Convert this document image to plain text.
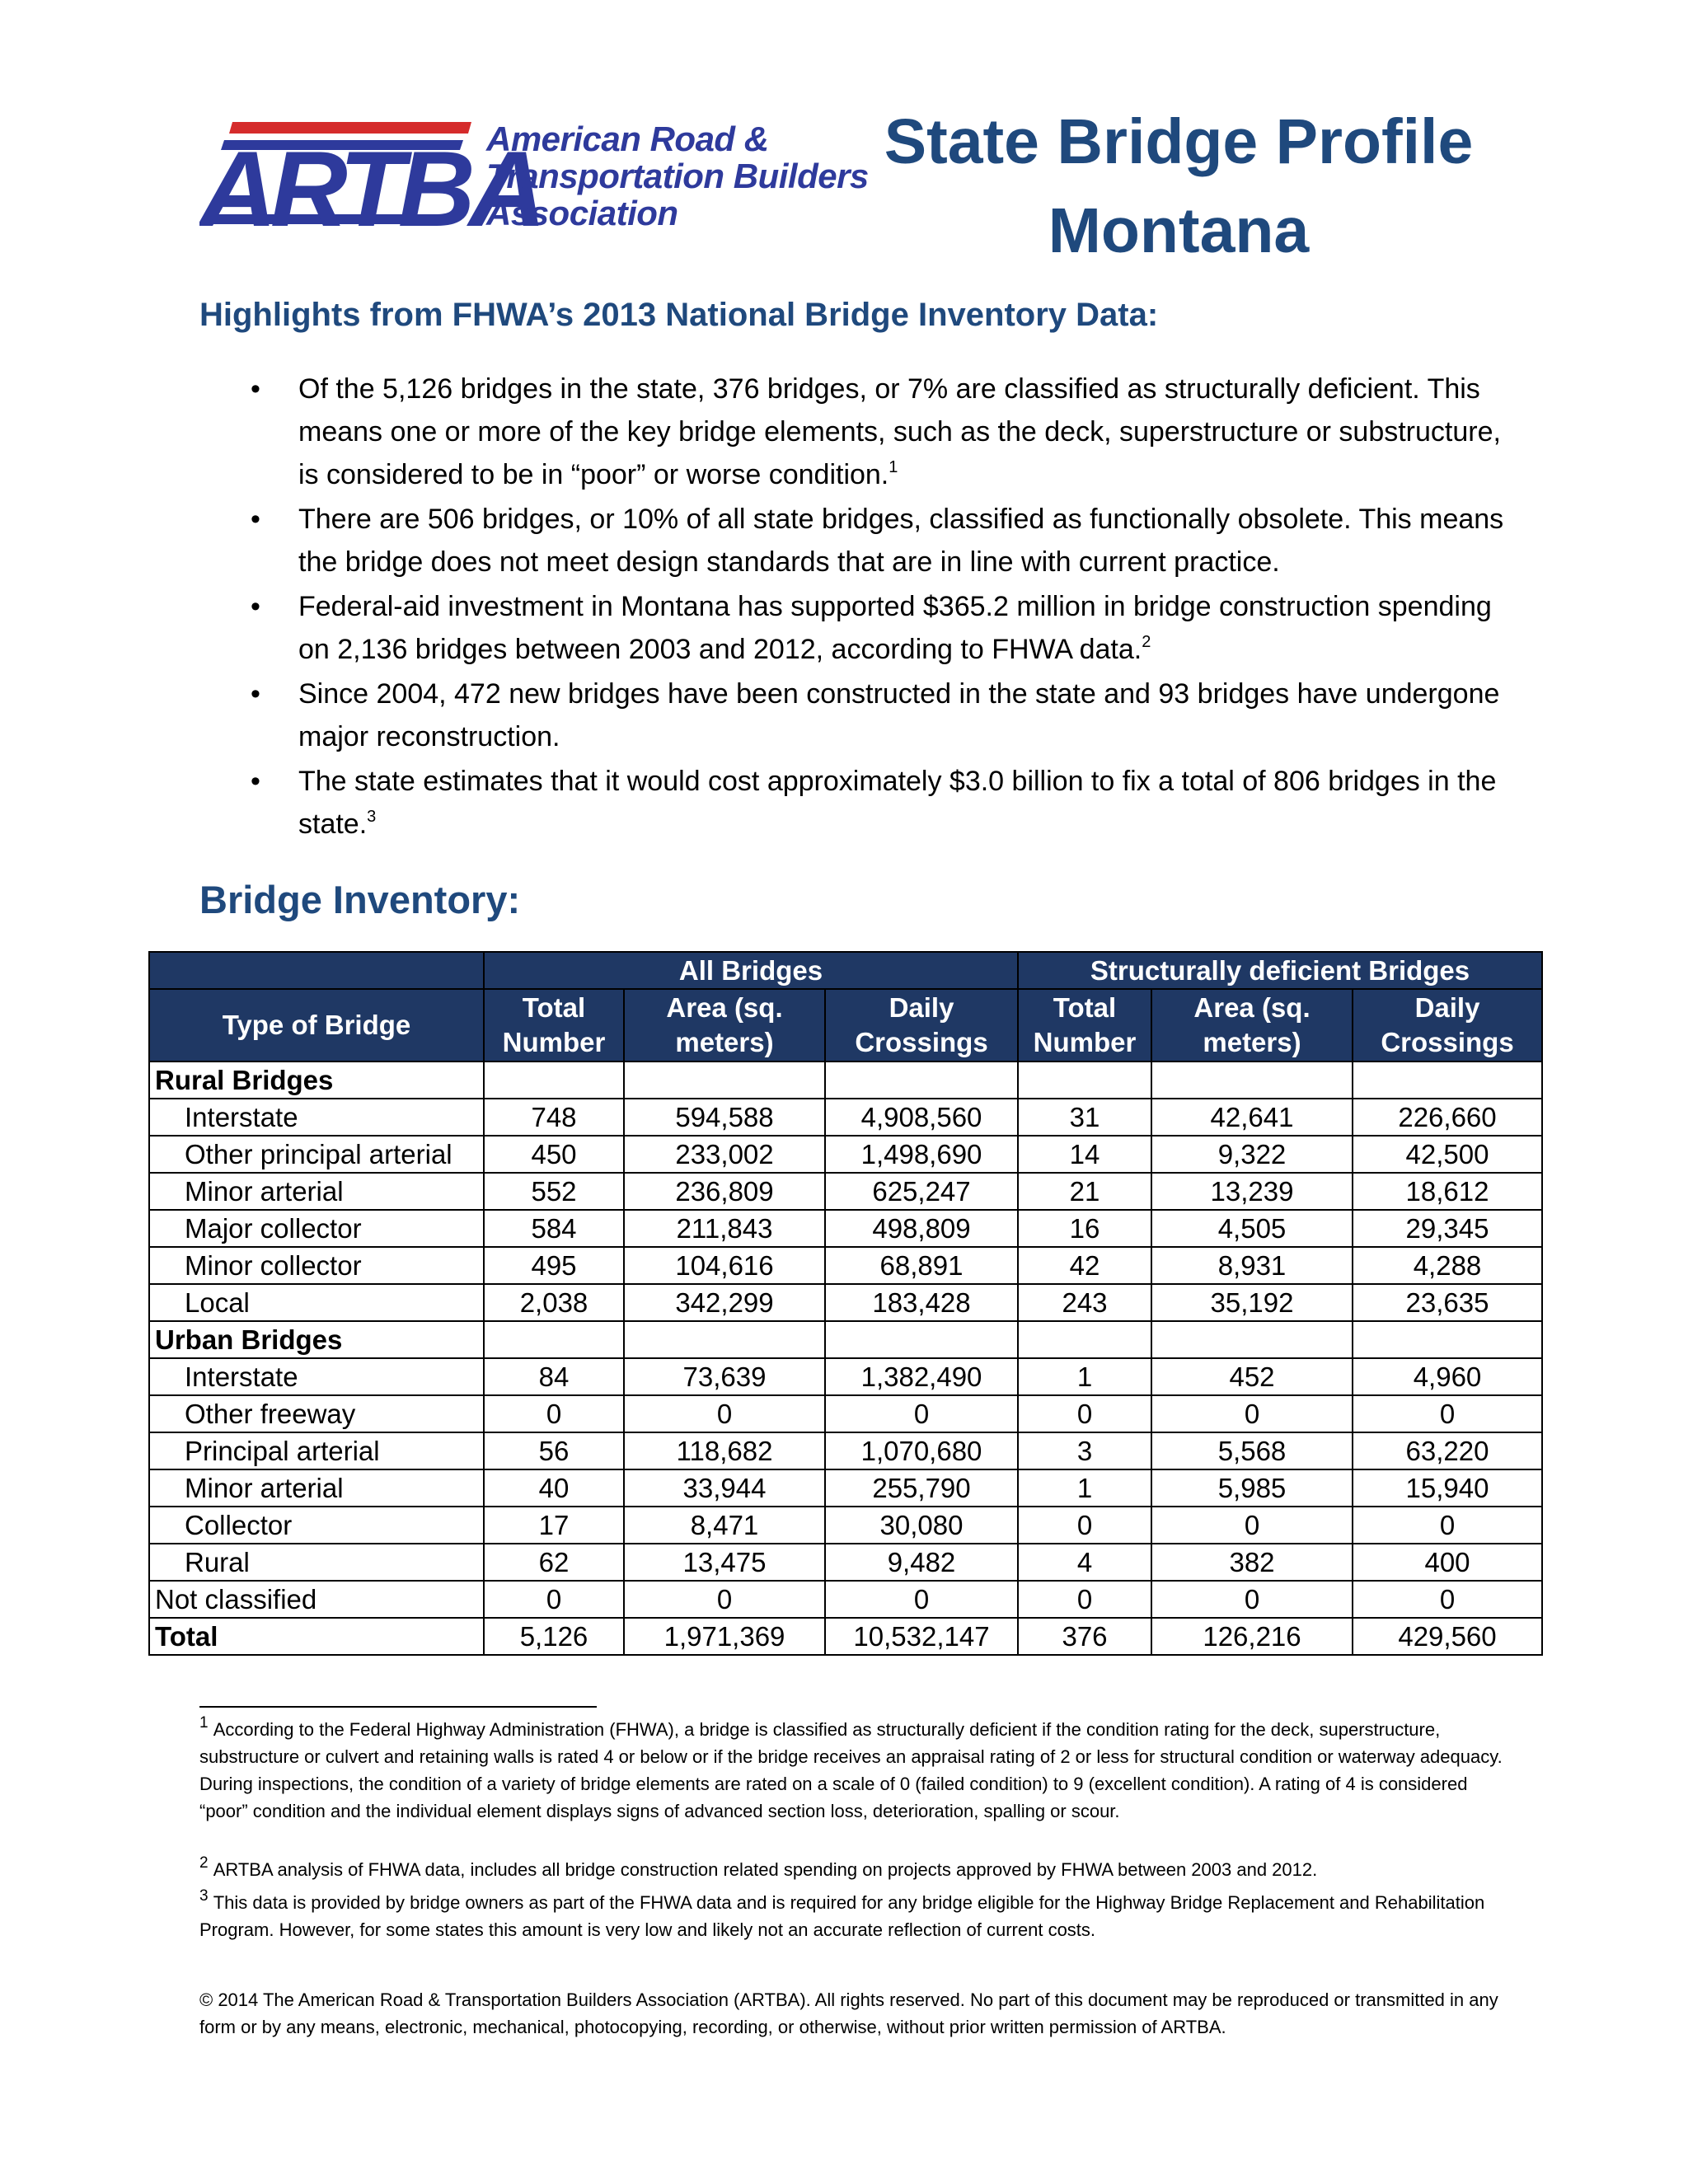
ARTBA
American Road &
Transportation Builders
Association
State Bridge Profile
Montana
Highlights from FHWA’s 2013 National Bridge Inventory Data:
• Of the 5,126 bridges in the state, 376 bridges, or 7% are classified as structurally deficient. This means one or more of the key bridge elements, such as the deck, superstructure or substructure, is considered to be in “poor” or worse condition.$^1$
• There are 506 bridges, or 10% of all state bridges, classified as functionally obsolete. This means the bridge does not meet design standards that are in line with current practice.
• Federal-aid investment in Montana has supported $365.2 million in bridge construction spending on 2,136 bridges between 2003 and 2012, according to FHWA data.$^2$
• Since 2004, 472 new bridges have been constructed in the state and 93 bridges have undergone major reconstruction.
• The state estimates that it would cost approximately $3.0 billion to fix a total of 806 bridges in the state.$^3$
Bridge Inventory:
	All Bridges			Structurally deficient Bridges		
Type of Bridge	Total Number	Area (sq. meters)	Daily Crossings	Total Number	Area (sq. meters)	Daily Crossings
Rural Bridges						
Interstate	748	594,588	4,908,560	31	42,641	226,660
Other principal arterial	450	233,002	1,498,690	14	9,322	42,500
Minor arterial	552	236,809	625,247	21	13,239	18,612
Major collector	584	211,843	498,809	16	4,505	29,345
Minor collector	495	104,616	68,891	42	8,931	4,288
Local	2,038	342,299	183,428	243	35,192	23,635
Urban Bridges						
Interstate	84	73,639	1,382,490	1	452	4,960
Other freeway	0	0	0	0	0	0
Principal arterial	56	118,682	1,070,680	3	5,568	63,220
Minor arterial	40	33,944	255,790	1	5,985	15,940
Collector	17	8,471	30,080	0	0	0
Rural	62	13,475	9,482	4	382	400
Not classified	0	0	0	0	0	0
Total	5,126	1,971,369	10,532,147	376	126,216	429,560
$^1$ According to the Federal Highway Administration (FHWA), a bridge is classified as structurally deficient if the condition rating for the deck, superstructure, substructure or culvert and retaining walls is rated 4 or below or if the bridge receives an appraisal rating of 2 or less for structural condition or waterway adequacy. During inspections, the condition of a variety of bridge elements are rated on a scale of 0 (failed condition) to 9 (excellent condition). A rating of 4 is considered “poor” condition and the individual element displays signs of advanced section loss, deterioration, spalling or scour.
$^2$ ARTBA analysis of FHWA data, includes all bridge construction related spending on projects approved by FHWA between 2003 and 2012.
$^3$ This data is provided by bridge owners as part of the FHWA data and is required for any bridge eligible for the Highway Bridge Replacement and Rehabilitation Program. However, for some states this amount is very low and likely not an accurate reflection of current costs.
© 2014 The American Road & Transportation Builders Association (ARTBA). All rights reserved. No part of this document may be reproduced or transmitted in any form or by any means, electronic, mechanical, photocopying, recording, or otherwise, without prior written permission of ARTBA.
